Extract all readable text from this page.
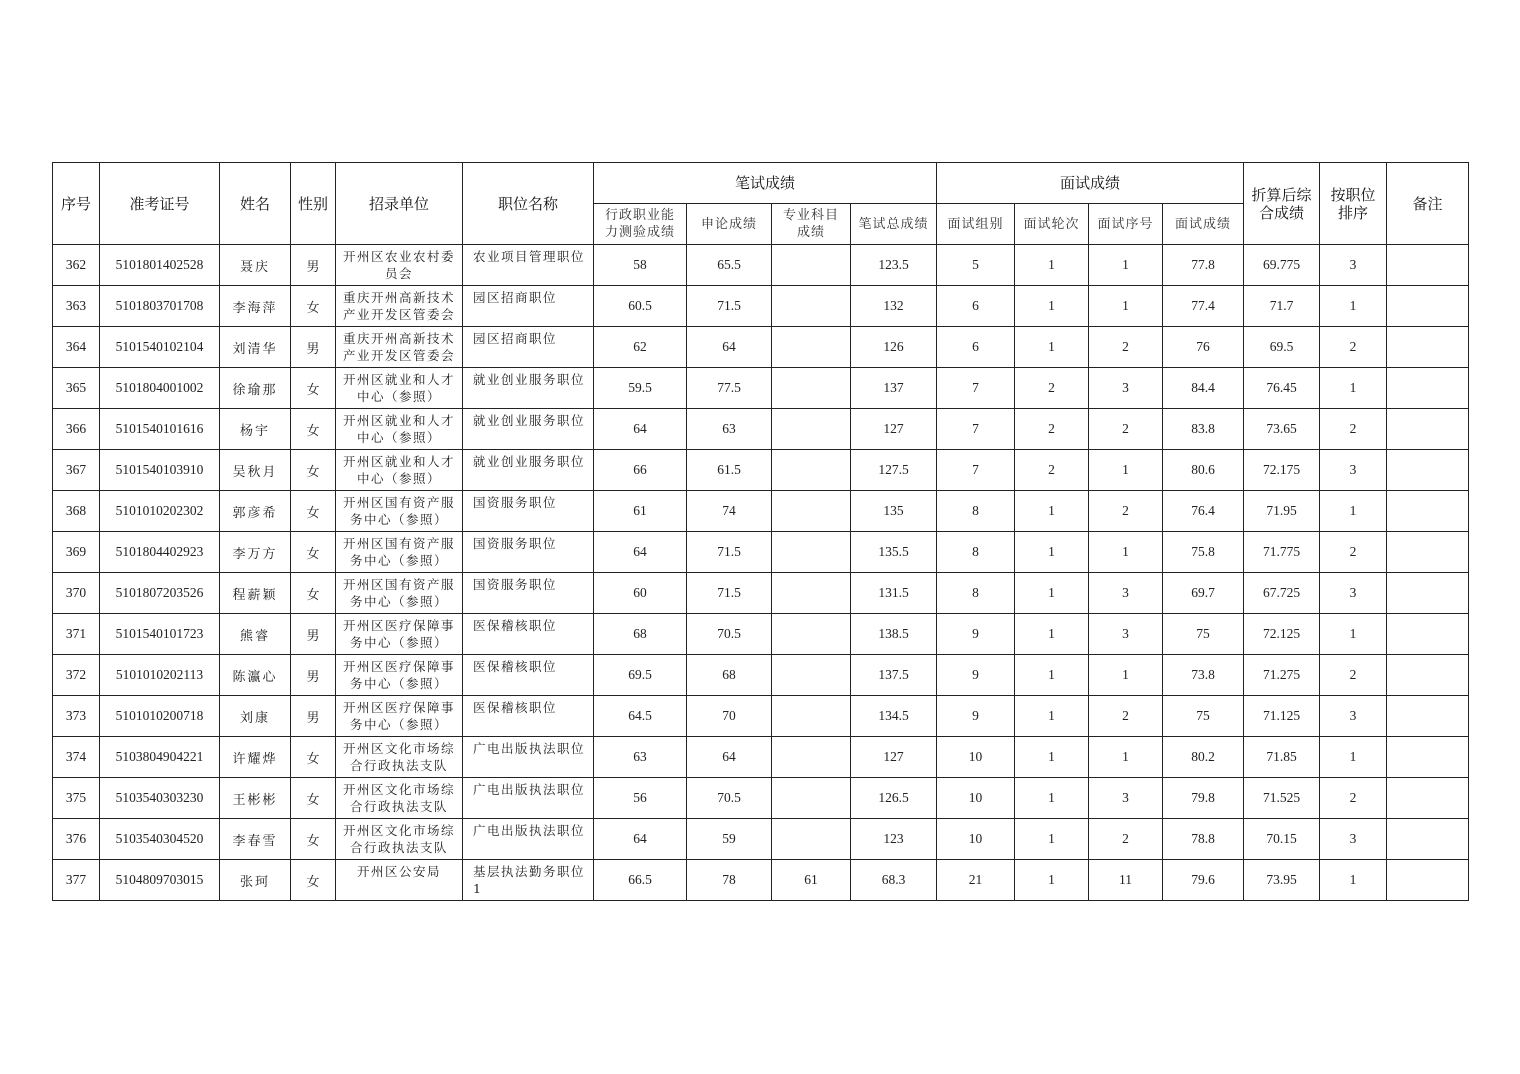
序号	准考证号	姓名	性别	招录单位	职位名称	笔试成绩				面试成绩				折算后综合成绩	按职位排序	备注
						行政职业能力测验成绩	申论成绩	专业科目成绩	笔试总成绩	面试组别	面试轮次	面试序号	面试成绩			
362	5101801402528	聂庆	男	开州区农业农村委员会	农业项目管理职位	58	65.5		123.5	5	1	1	77.8	69.775	3	
363	5101803701708	李海萍	女	重庆开州高新技术产业开发区管委会	园区招商职位	60.5	71.5		132	6	1	1	77.4	71.7	1	
364	5101540102104	刘清华	男	重庆开州高新技术产业开发区管委会	园区招商职位	62	64		126	6	1	2	76	69.5	2	
365	5101804001002	徐瑜那	女	开州区就业和人才中心（参照）	就业创业服务职位	59.5	77.5		137	7	2	3	84.4	76.45	1	
366	5101540101616	杨宇	女	开州区就业和人才中心（参照）	就业创业服务职位	64	63		127	7	2	2	83.8	73.65	2	
367	5101540103910	吴秋月	女	开州区就业和人才中心（参照）	就业创业服务职位	66	61.5		127.5	7	2	1	80.6	72.175	3	
368	5101010202302	郭彦希	女	开州区国有资产服务中心（参照）	国资服务职位	61	74		135	8	1	2	76.4	71.95	1	
369	5101804402923	李万方	女	开州区国有资产服务中心（参照）	国资服务职位	64	71.5		135.5	8	1	1	75.8	71.775	2	
370	5101807203526	程薪颖	女	开州区国有资产服务中心（参照）	国资服务职位	60	71.5		131.5	8	1	3	69.7	67.725	3	
371	5101540101723	熊睿	男	开州区医疗保障事务中心（参照）	医保稽核职位	68	70.5		138.5	9	1	3	75	72.125	1	
372	5101010202113	陈瀛心	男	开州区医疗保障事务中心（参照）	医保稽核职位	69.5	68		137.5	9	1	1	73.8	71.275	2	
373	5101010200718	刘康	男	开州区医疗保障事务中心（参照）	医保稽核职位	64.5	70		134.5	9	1	2	75	71.125	3	
374	5103804904221	许耀烨	女	开州区文化市场综合行政执法支队	广电出版执法职位	63	64		127	10	1	1	80.2	71.85	1	
375	5103540303230	王彬彬	女	开州区文化市场综合行政执法支队	广电出版执法职位	56	70.5		126.5	10	1	3	79.8	71.525	2	
376	5103540304520	李春雪	女	开州区文化市场综合行政执法支队	广电出版执法职位	64	59		123	10	1	2	78.8	70.15	3	
377	5104809703015	张珂	女	开州区公安局	基层执法勤务职位1	66.5	78	61	68.3	21	1	11	79.6	73.95	1	
